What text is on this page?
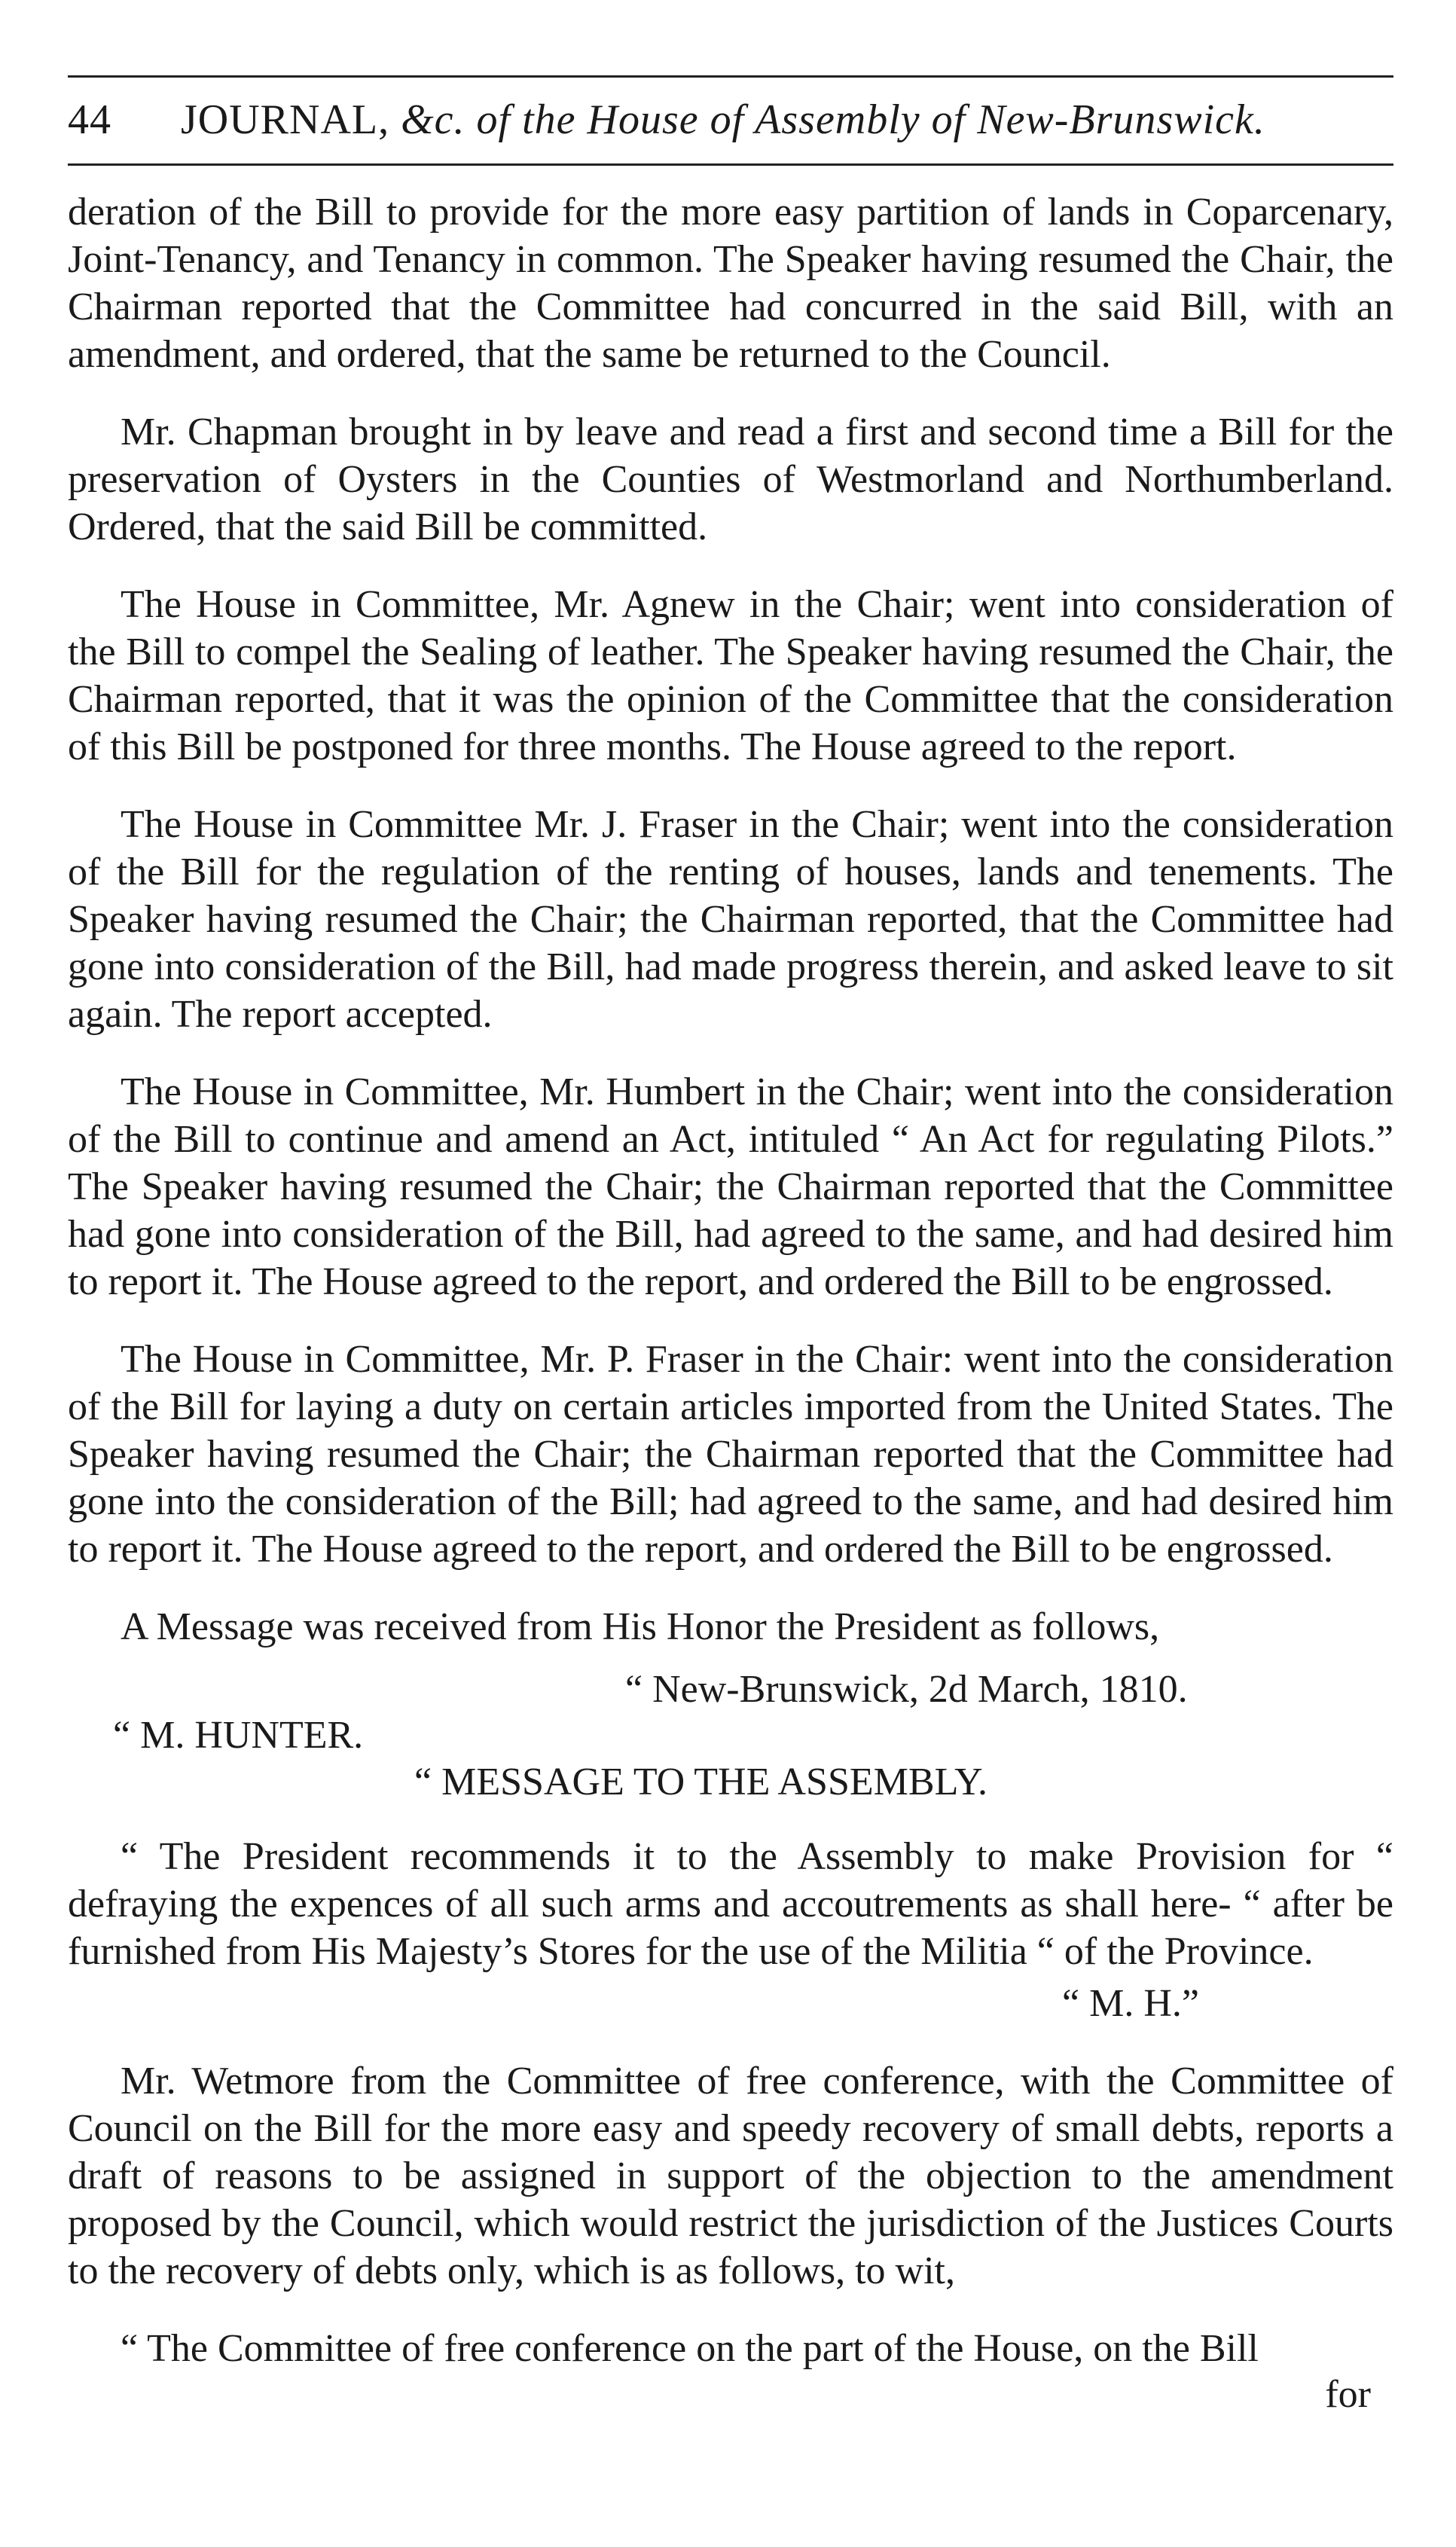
44	JOURNAL, &c. of the House of Assembly of New-Brunswick.

deration of the Bill to provide for the more easy partition of lands in Coparcenary, Joint-Tenancy, and Tenancy in common. The Speaker having resumed the Chair, the Chairman reported that the Committee had concurred in the said Bill, with an amendment, and ordered, that the same be returned to the Council.

Mr. Chapman brought in by leave and read a first and second time a Bill for the preservation of Oysters in the Counties of Westmorland and Northumberland. Ordered, that the said Bill be committed.

The House in Committee, Mr. Agnew in the Chair; went into consideration of the Bill to compel the Sealing of leather. The Speaker having resumed the Chair, the Chairman reported, that it was the opinion of the Committee that the consideration of this Bill be postponed for three months. The House agreed to the report.

The House in Committee Mr. J. Fraser in the Chair; went into the consideration of the Bill for the regulation of the renting of houses, lands and tenements. The Speaker having resumed the Chair; the Chairman reported, that the Committee had gone into consideration of the Bill, had made progress therein, and asked leave to sit again. The report accepted.

The House in Committee, Mr. Humbert in the Chair; went into the consideration of the Bill to continue and amend an Act, intituled “ An Act for regulating Pilots.” The Speaker having resumed the Chair; the Chairman reported that the Committee had gone into consideration of the Bill, had agreed to the same, and had desired him to report it. The House agreed to the report, and ordered the Bill to be engrossed.

The House in Committee, Mr. P. Fraser in the Chair: went into the consideration of the Bill for laying a duty on certain articles imported from the United States. The Speaker having resumed the Chair; the Chairman reported that the Committee had gone into the consideration of the Bill; had agreed to the same, and had desired him to report it. The House agreed to the report, and ordered the Bill to be engrossed.

A Message was received from His Honor the President as follows,

“ New-Brunswick, 2d March, 1810.
“ M. HUNTER.
“ MESSAGE TO THE ASSEMBLY.

“ The President recommends it to the Assembly to make Provision for “ defraying the expences of all such arms and accoutrements as shall here- “ after be furnished from His Majesty’s Stores for the use of the Militia “ of the Province.

“ M. H.”

Mr. Wetmore from the Committee of free conference, with the Committee of Council on the Bill for the more easy and speedy recovery of small debts, reports a draft of reasons to be assigned in support of the objection to the amendment proposed by the Council, which would restrict the jurisdiction of the Justices Courts to the recovery of debts only, which is as follows, to wit,

“ The Committee of free conference on the part of the House, on the Bill

for
